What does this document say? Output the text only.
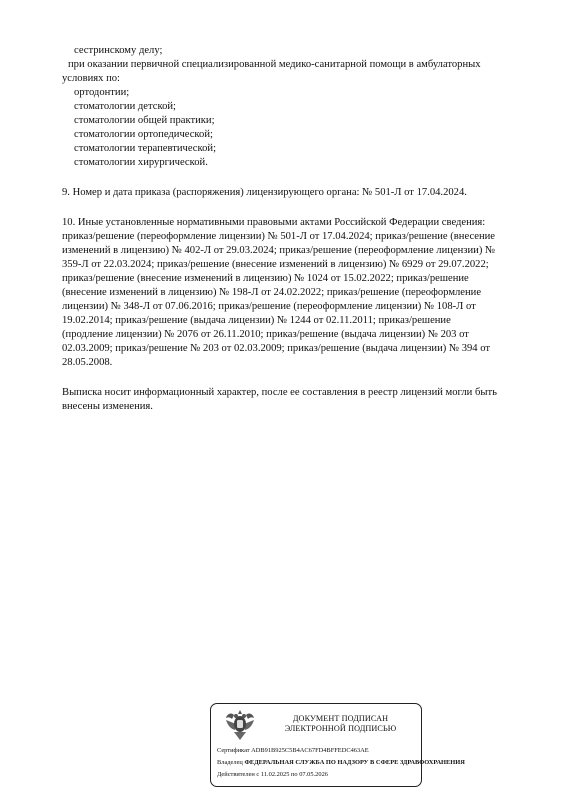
сестринскому делу;
при оказании первичной специализированной медико-санитарной помощи в амбулаторных
условиях по:
ортодонтии;
стоматологии детской;
стоматологии общей практики;
стоматологии ортопедической;
стоматологии терапевтической;
стоматологии хирургической.
9. Номер и дата приказа (распоряжения) лицензирующего органа: № 501-Л от 17.04.2024.
10. Иные установленные нормативными правовыми актами Российской Федерации сведения:
приказ/решение (переоформление лицензии) № 501-Л от 17.04.2024; приказ/решение (внесение
изменений в лицензию) № 402-Л от 29.03.2024; приказ/решение (переоформление лицензии) №
359-Л от 22.03.2024; приказ/решение (внесение изменений в лицензию) № 6929 от 29.07.2022;
приказ/решение (внесение изменений в лицензию) № 1024 от 15.02.2022; приказ/решение
(внесение изменений в лицензию) № 198-Л от 24.02.2022; приказ/решение (переоформление
лицензии) № 348-Л от 07.06.2016; приказ/решение (переоформление лицензии) № 108-Л от
19.02.2014; приказ/решение (выдача лицензии) № 1244 от 02.11.2011; приказ/решение
(продление лицензии) № 2076 от 26.11.2010; приказ/решение (выдача лицензии) № 203 от
02.03.2009; приказ/решение № 203 от 02.03.2009; приказ/решение (выдача лицензии) № 394 от
28.05.2008.
Выписка носит информационный характер, после ее составления в реестр лицензий могли быть
внесены изменения.
ДОКУМЕНТ ПОДПИСАН
ЭЛЕКТРОННОЙ ПОДПИСЬЮ
Сертификат ADB91B925C5B4AC67FD4BFFEDC463AE
Владелец ФЕДЕРАЛЬНАЯ СЛУЖБА ПО НАДЗОРУ В СФЕРЕ ЗДРАВООХРАНЕНИЯ
Действителен с 11.02.2025 по 07.05.2026
